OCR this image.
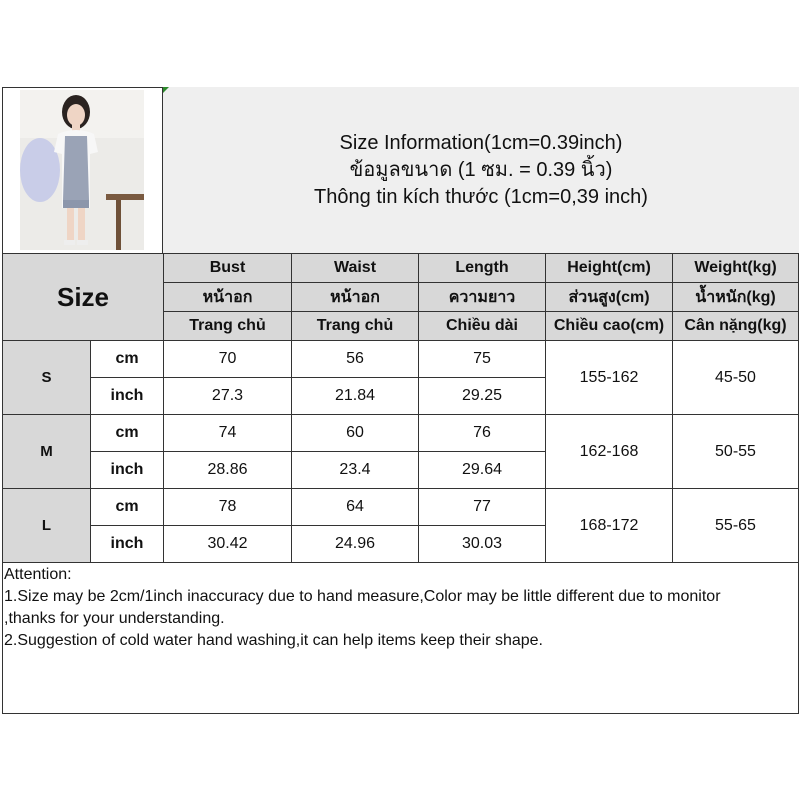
Size Information(1cm=0.39inch)
ข้อมูลขนาด (1 ซม. = 0.39 นิ้ว)
Thông tin kích thước (1cm=0,39 inch)
Size		Bust	Waist	Length	Height(cm)	Weight(kg)
		หน้าอก	หน้าอก	ความยาว	ส่วนสูง(cm)	น้ำหนัก(kg)
		Trang chủ	Trang chủ	Chiều dài	Chiều cao(cm)	Cân nặng(kg)
S	cm	70	56	75	155-162	45-50
	inch	27.3	21.84	29.25		
M	cm	74	60	76	162-168	50-55
	inch	28.86	23.4	29.64		
L	cm	78	64	77	168-172	55-65
	inch	30.42	24.96	30.03		
Attention:
1.Size may be 2cm/1inch inaccuracy due to hand measure,Color may be little different due to monitor
,thanks for your understanding.
2.Suggestion of cold water hand washing,it can help items keep their shape.
